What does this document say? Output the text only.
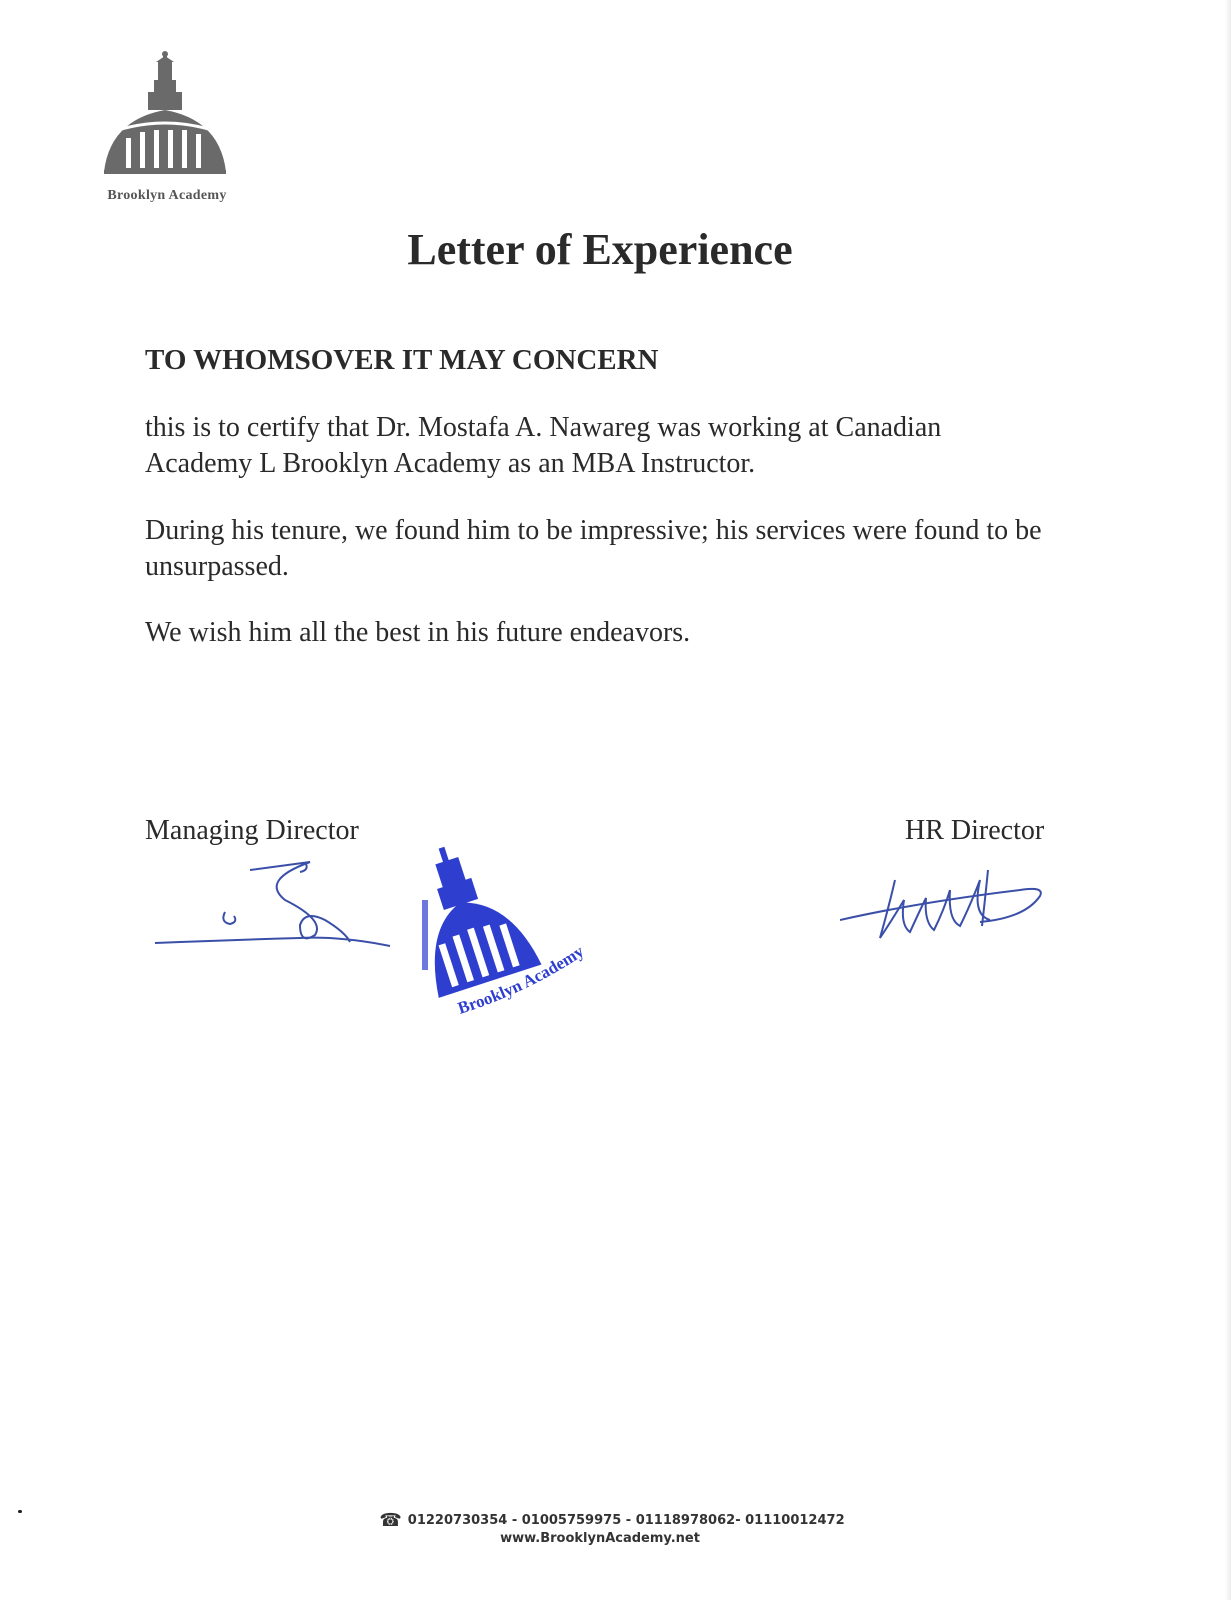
Brooklyn Academy
Letter of Experience
TO WHOMSOVER IT MAY CONCERN

this is to certify that Dr. Mostafa A. Nawareg was working at Canadian Academy L Brooklyn Academy as an MBA Instructor.

During his tenure, we found him to be impressive; his services were found to be unsurpassed.

We wish him all the best in his future endeavors.

Managing Director	HR Director
Brooklyn Academy
☎ 01220730354 - 01005759975 - 01118978062- 01110012472
www.BrooklynAcademy.net
